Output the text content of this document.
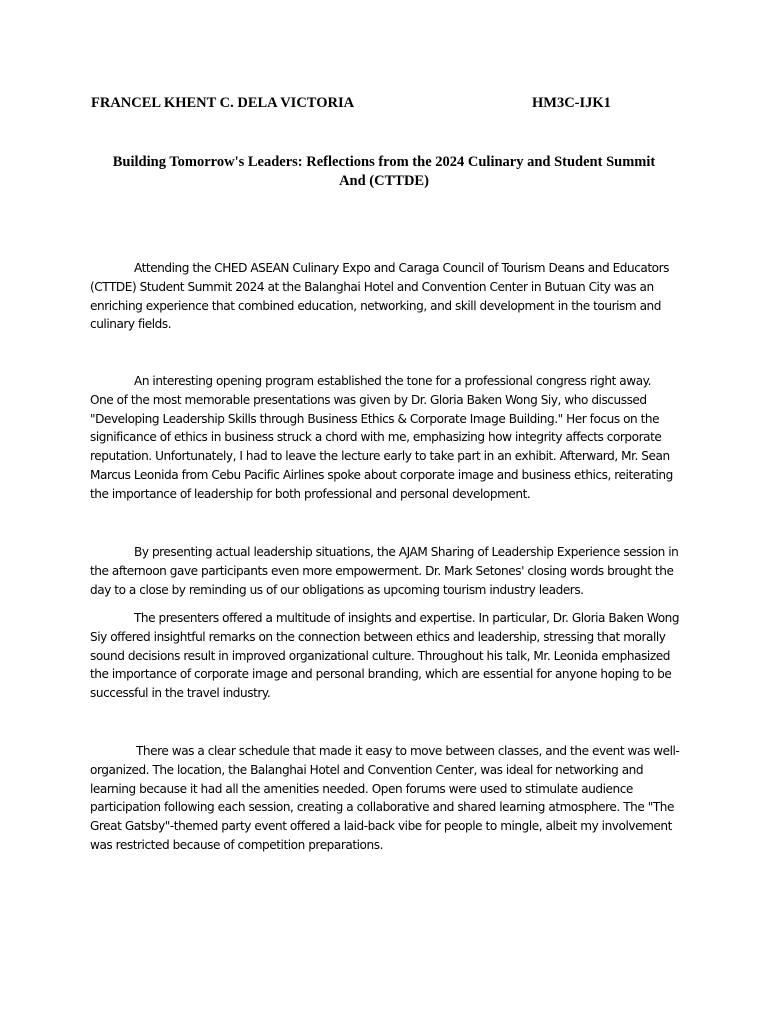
FRANCEL KHENT C. DELA VICTORIA	HM3C-IJK1
Building Tomorrow's Leaders: Reflections from the 2024 Culinary and Student Summit
And (CTTDE)
Attending the CHED ASEAN Culinary Expo and Caraga Council of Tourism Deans and Educators
(CTTDE) Student Summit 2024 at the Balanghai Hotel and Convention Center in Butuan City was an
enriching experience that combined education, networking, and skill development in the tourism and
culinary fields.
An interesting opening program established the tone for a professional congress right away.
One of the most memorable presentations was given by Dr. Gloria Baken Wong Siy, who discussed
"Developing Leadership Skills through Business Ethics & Corporate Image Building." Her focus on the
significance of ethics in business struck a chord with me, emphasizing how integrity affects corporate
reputation. Unfortunately, I had to leave the lecture early to take part in an exhibit. Afterward, Mr. Sean
Marcus Leonida from Cebu Pacific Airlines spoke about corporate image and business ethics, reiterating
the importance of leadership for both professional and personal development.
By presenting actual leadership situations, the AJAM Sharing of Leadership Experience session in
the afternoon gave participants even more empowerment. Dr. Mark Setones' closing words brought the
day to a close by reminding us of our obligations as upcoming tourism industry leaders.
The presenters offered a multitude of insights and expertise. In particular, Dr. Gloria Baken Wong
Siy offered insightful remarks on the connection between ethics and leadership, stressing that morally
sound decisions result in improved organizational culture. Throughout his talk, Mr. Leonida emphasized
the importance of corporate image and personal branding, which are essential for anyone hoping to be
successful in the travel industry.
There was a clear schedule that made it easy to move between classes, and the event was well-
organized. The location, the Balanghai Hotel and Convention Center, was ideal for networking and
learning because it had all the amenities needed. Open forums were used to stimulate audience
participation following each session, creating a collaborative and shared learning atmosphere. The "The
Great Gatsby"-themed party event offered a laid-back vibe for people to mingle, albeit my involvement
was restricted because of competition preparations.
